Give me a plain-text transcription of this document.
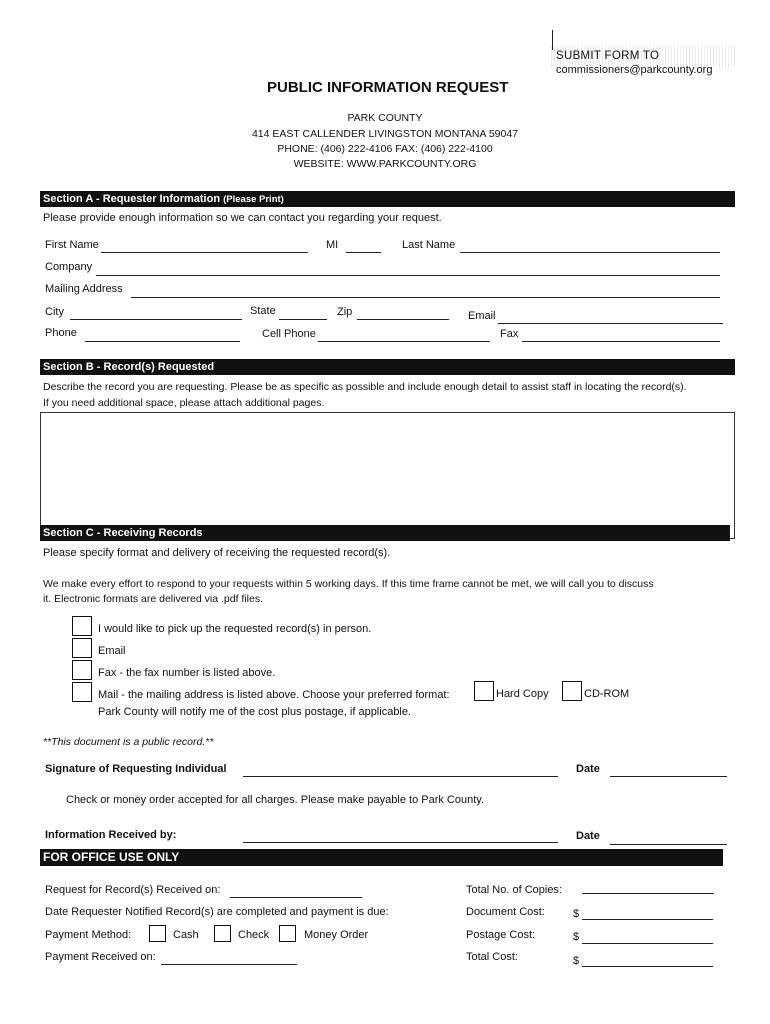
SUBMIT FORM TO
commissioners@parkcounty.org
PUBLIC INFORMATION REQUEST
PARK COUNTY
414 EAST CALLENDER LIVINGSTON MONTANA 59047
PHONE: (406) 222-4106 FAX: (406) 222-4100
WEBSITE: WWW.PARKCOUNTY.ORG
Section A - Requester Information (Please Print)
Please provide enough information so we can contact you regarding your request.
First Name	MI	Last Name
Company
Mailing Address
City	State	Zip	Email
Phone	Cell Phone	Fax
Section B - Record(s) Requested
Describe the record you are requesting. Please be as specific as possible and include enough detail to assist staff in locating the record(s).
If you need additional space, please attach additional pages.
Section C - Receiving Records
Please specify format and delivery of receiving the requested record(s).
We make every effort to respond to your requests within 5 working days. If this time frame cannot be met, we will call you to discuss
it. Electronic formats are delivered via .pdf files.
I would like to pick up the requested record(s) in person.
Email
Fax - the fax number is listed above.
Mail - the mailing address is listed above. Choose your preferred format:
Park County will notify me of the cost plus postage, if applicable.
Hard Copy	CD-ROM
**This document is a public record.**
Signature of Requesting Individual	Date
Check or money order accepted for all charges. Please make payable to Park County.
Information Received by:	Date
FOR OFFICE USE ONLY
Request for Record(s) Received on:
Date Requester Notified Record(s) are completed and payment is due:
Payment Method:	Cash	Check	Money Order
Payment Received on:
Total No. of Copies:
Document Cost:	$
Postage Cost:	$
Total Cost:	$
